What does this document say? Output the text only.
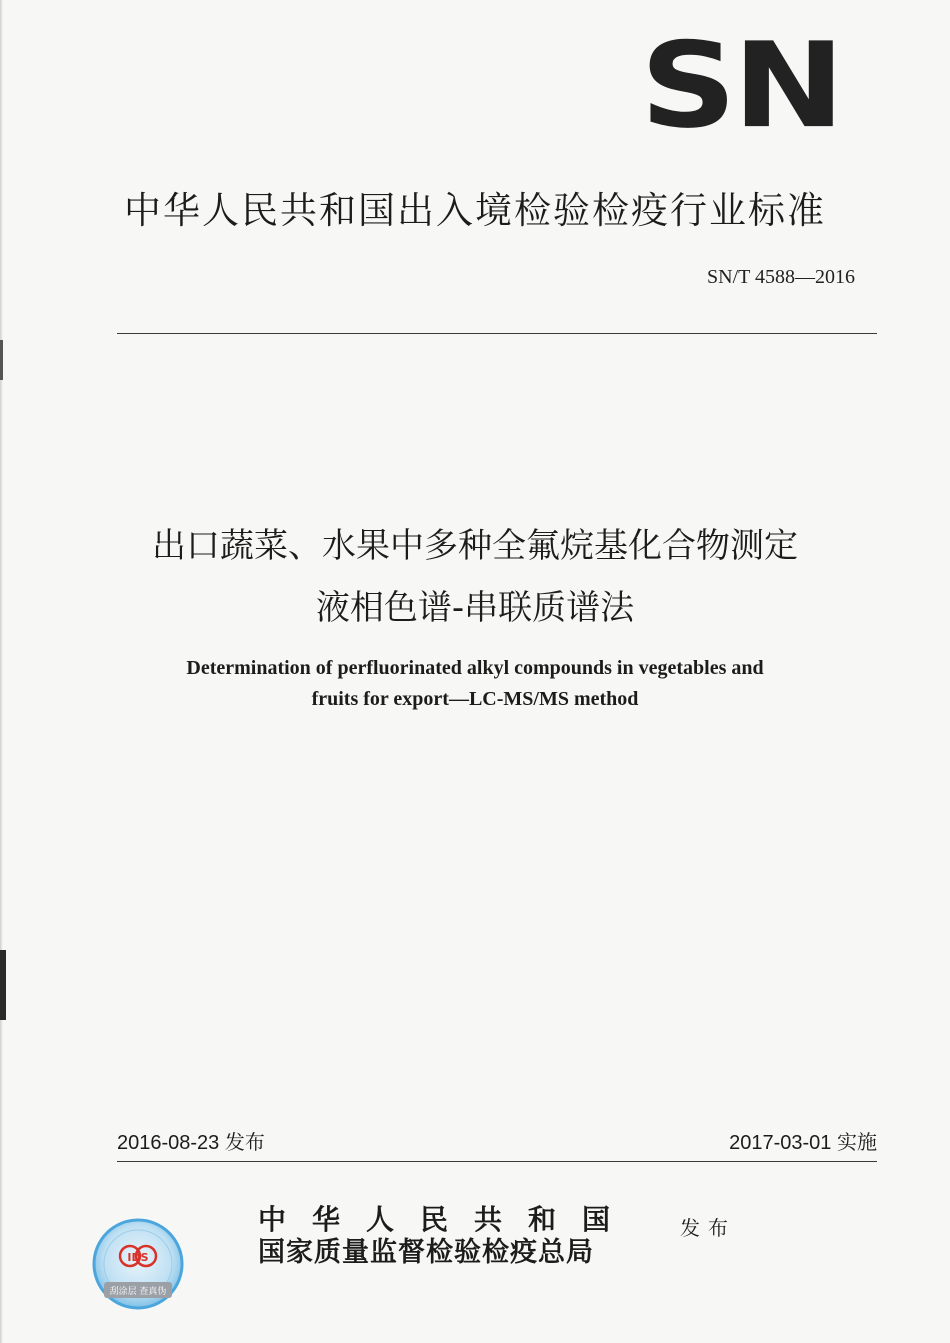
SN
中华人民共和国出入境检验检疫行业标准
SN/T 4588—2016
出口蔬菜、水果中多种全氟烷基化合物测定
液相色谱-串联质谱法
Determination of perfluorinated alkyl compounds in vegetables and
fruits for export—LC-MS/MS method
2016-08-23 发布	2017-03-01 实施
中华人民共和国
国家质量监督检验检疫总局
发布
IDS
刮涂层 查真伪
